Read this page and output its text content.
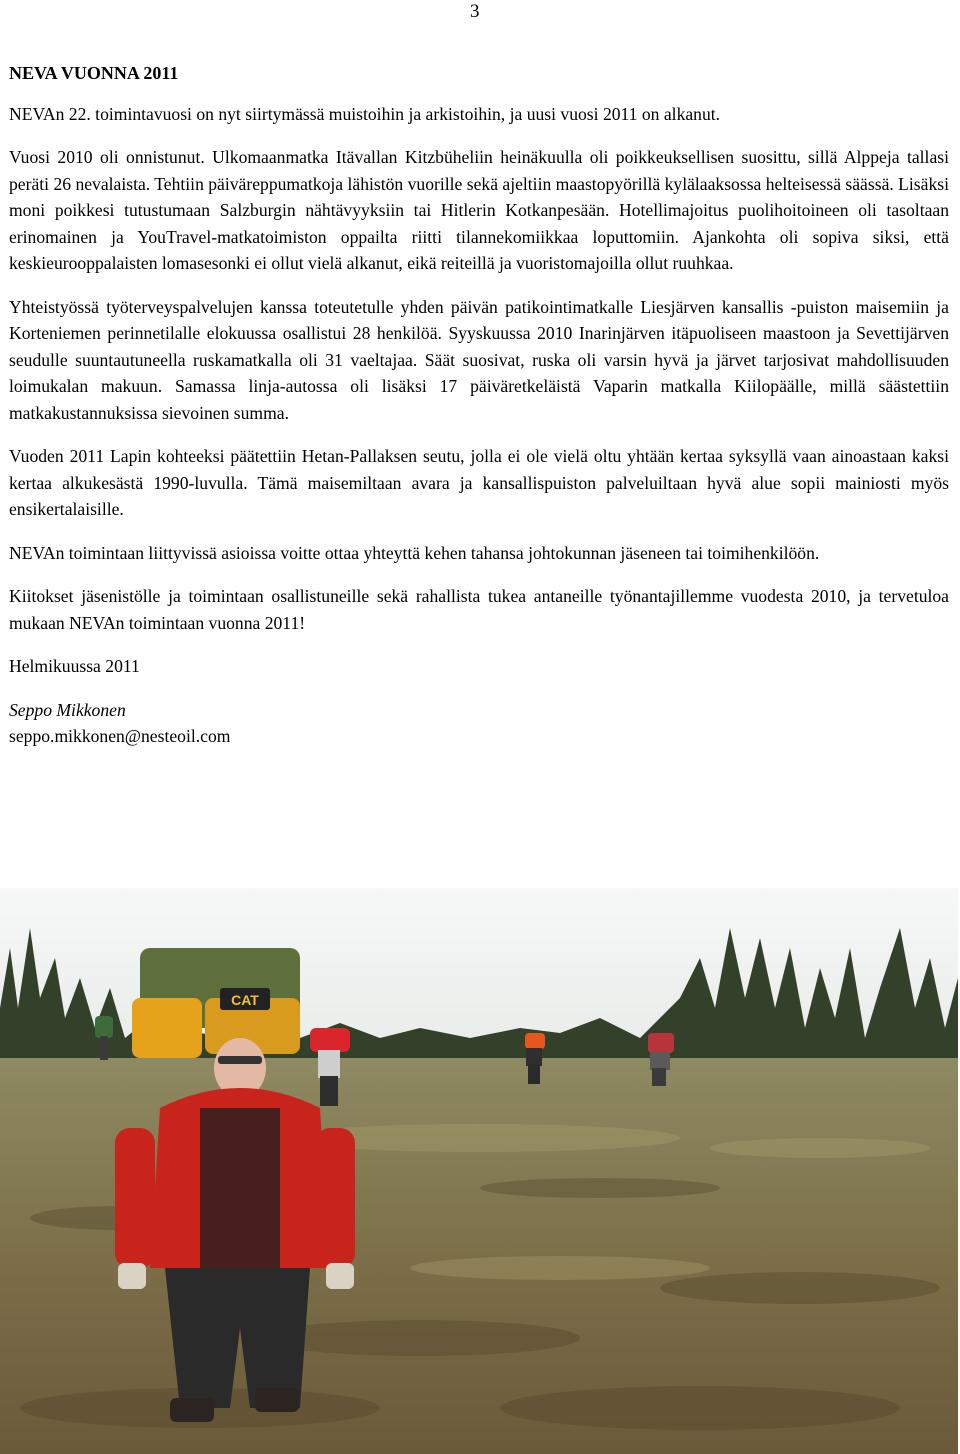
3
NEVA VUONNA 2011

NEVAn 22. toimintavuosi on nyt siirtymässä muistoihin ja arkistoihin, ja uusi vuosi 2011 on alkanut.

Vuosi 2010 oli onnistunut. Ulkomaanmatka Itävallan Kitzbüheliin heinäkuulla oli poikkeuksellisen suosittu, sillä Alppeja tallasi peräti 26 nevalaista. Tehtiin päiväreppumatkoja lähistön vuorille sekä ajeltiin maastopyörillä kylälaaksossa helteisessä säässä. Lisäksi moni poikkesi tutustumaan Salzburgin nähtävyyksiin tai Hitlerin Kotkanpesään. Hotellimajoitus puolihoitoineen oli tasoltaan erinomainen ja YouTravel-matkatoimiston oppailta riitti tilannekomiikkaa loputtomiin. Ajankohta oli sopiva siksi, että keskieurooppalaisten lomasesonki ei ollut vielä alkanut, eikä reiteillä ja vuoristomajoilla ollut ruuhkaa.

Yhteistyössä työterveyspalvelujen kanssa toteutetulle yhden päivän patikointimatkalle Liesjärven kansallis -puiston maisemiin ja Korteniemen perinnetilalle elokuussa osallistui 28 henkilöä. Syyskuussa 2010 Inarinjärven itäpuoliseen maastoon ja Sevettijärven seudulle suuntautuneella ruskamatkalla oli 31 vaeltajaa. Säät suosivat, ruska oli varsin hyvä ja järvet tarjosivat mahdollisuuden loimukalan makuun. Samassa linja-autossa oli lisäksi 17 päiväretkeläistä Vaparin matkalla Kiilopäälle, millä säästettiin matkakustannuksissa sievoinen summa.

Vuoden 2011 Lapin kohteeksi päätettiin Hetan-Pallaksen seutu, jolla ei ole vielä oltu yhtään kertaa syksyllä vaan ainoastaan kaksi kertaa alkukesästä 1990-luvulla. Tämä maisemiltaan avara ja kansallispuiston palveluiltaan hyvä alue sopii mainiosti myös ensikertalaisille.

NEVAn toimintaan liittyvissä asioissa voitte ottaa yhteyttä kehen tahansa johtokunnan jäseneen tai toimihenkilöön.

Kiitokset jäsenistölle ja toimintaan osallistuneille sekä rahallista tukea antaneille työnantajillemme vuodesta 2010, ja tervetuloa mukaan NEVAn toimintaan vuonna 2011!

Helmikuussa 2011

Seppo Mikkonen
seppo.mikkonen@nesteoil.com
CAT
